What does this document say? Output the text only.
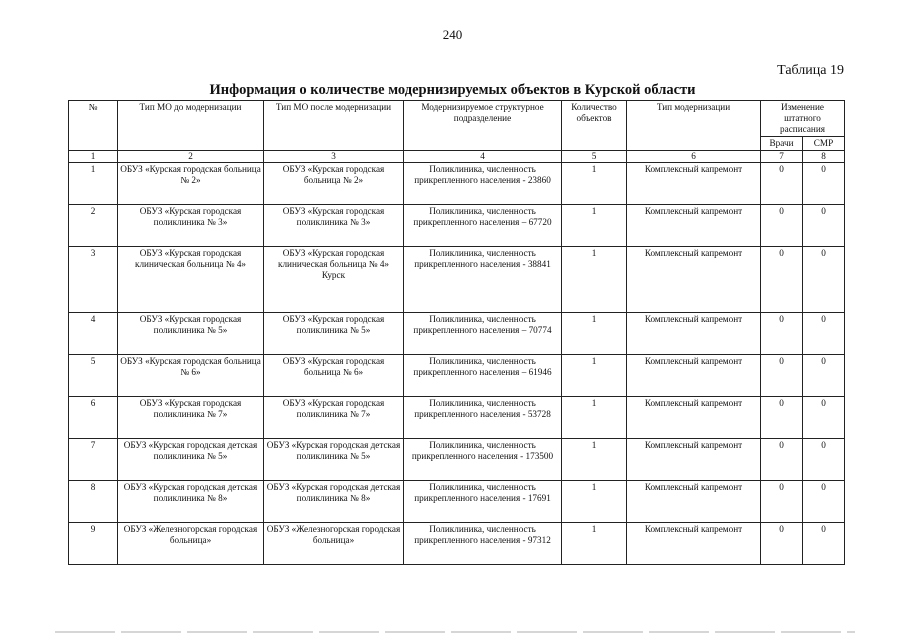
240
Таблица 19
Информация о количестве модернизируемых объектов в Курской области
№	Тип МО до модернизации	Тип МО после модернизации	Модернизируемое структурное подразделение	Количество объектов	Тип модернизации	Изменение штатного расписания	
						Врачи	СМР
1	2	3	4	5	6	7	8
1	ОБУЗ «Курская городская больница № 2»	ОБУЗ «Курская городская больница № 2»	Поликлиника, численность прикрепленного населения - 23860	1	Комплексный капремонт	0	0
2	ОБУЗ «Курская городская поликлиника № 3»	ОБУЗ «Курская городская поликлиника № 3»	Поликлиника, численность прикрепленного населения – 67720	1	Комплексный капремонт	0	0
3	ОБУЗ «Курская городская клиническая больница № 4»	ОБУЗ «Курская городская клиническая больница № 4» Курск	Поликлиника, численность прикрепленного населения - 38841	1	Комплексный капремонт	0	0
4	ОБУЗ «Курская городская поликлиника № 5»	ОБУЗ «Курская городская поликлиника № 5»	Поликлиника, численность прикрепленного населения – 70774	1	Комплексный капремонт	0	0
5	ОБУЗ «Курская городская больница № 6»	ОБУЗ «Курская городская больница № 6»	Поликлиника, численность прикрепленного населения – 61946	1	Комплексный капремонт	0	0
6	ОБУЗ «Курская городская поликлиника № 7»	ОБУЗ «Курская городская поликлиника № 7»	Поликлиника, численность прикрепленного населения - 53728	1	Комплексный капремонт	0	0
7	ОБУЗ «Курская городская детская поликлиника № 5»	ОБУЗ «Курская городская детская поликлиника № 5»	Поликлиника, численность прикрепленного населения - 173500	1	Комплексный капремонт	0	0
8	ОБУЗ «Курская городская детская поликлиника № 8»	ОБУЗ «Курская городская детская поликлиника № 8»	Поликлиника, численность прикрепленного населения - 17691	1	Комплексный капремонт	0	0
9	ОБУЗ «Железногорская городская больница»	ОБУЗ «Железногорская городская больница»	Поликлиника, численность прикрепленного населения - 97312	1	Комплексный капремонт	0	0
